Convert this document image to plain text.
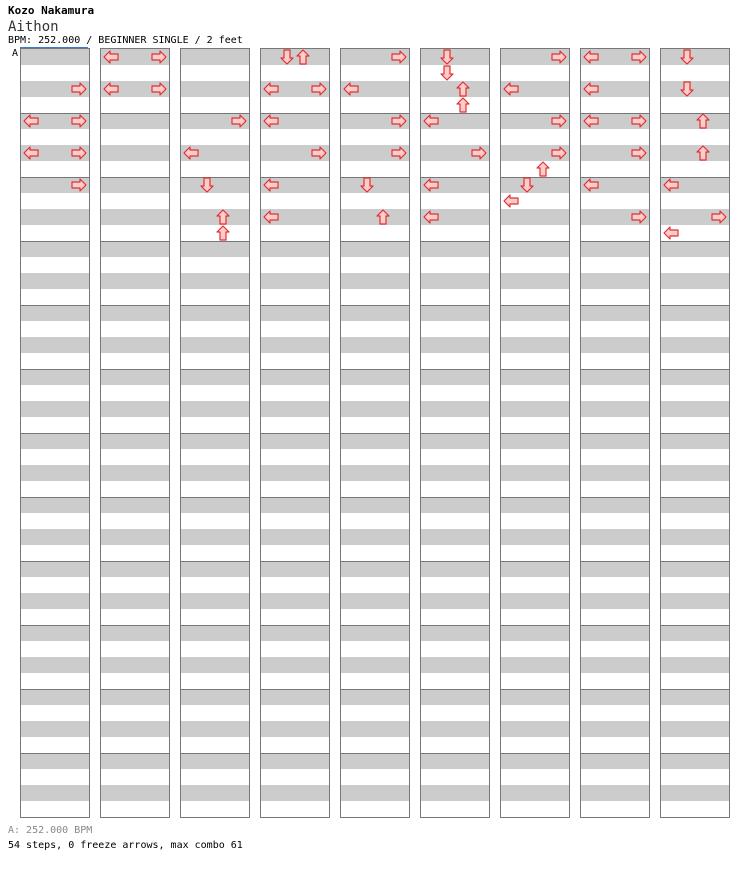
Kozo Nakamura
Aithon
BPM: 252.000 / BEGINNER SINGLE / 2 feet
A
A: 252.000 BPM
54 steps, 0 freeze arrows, max combo 61
